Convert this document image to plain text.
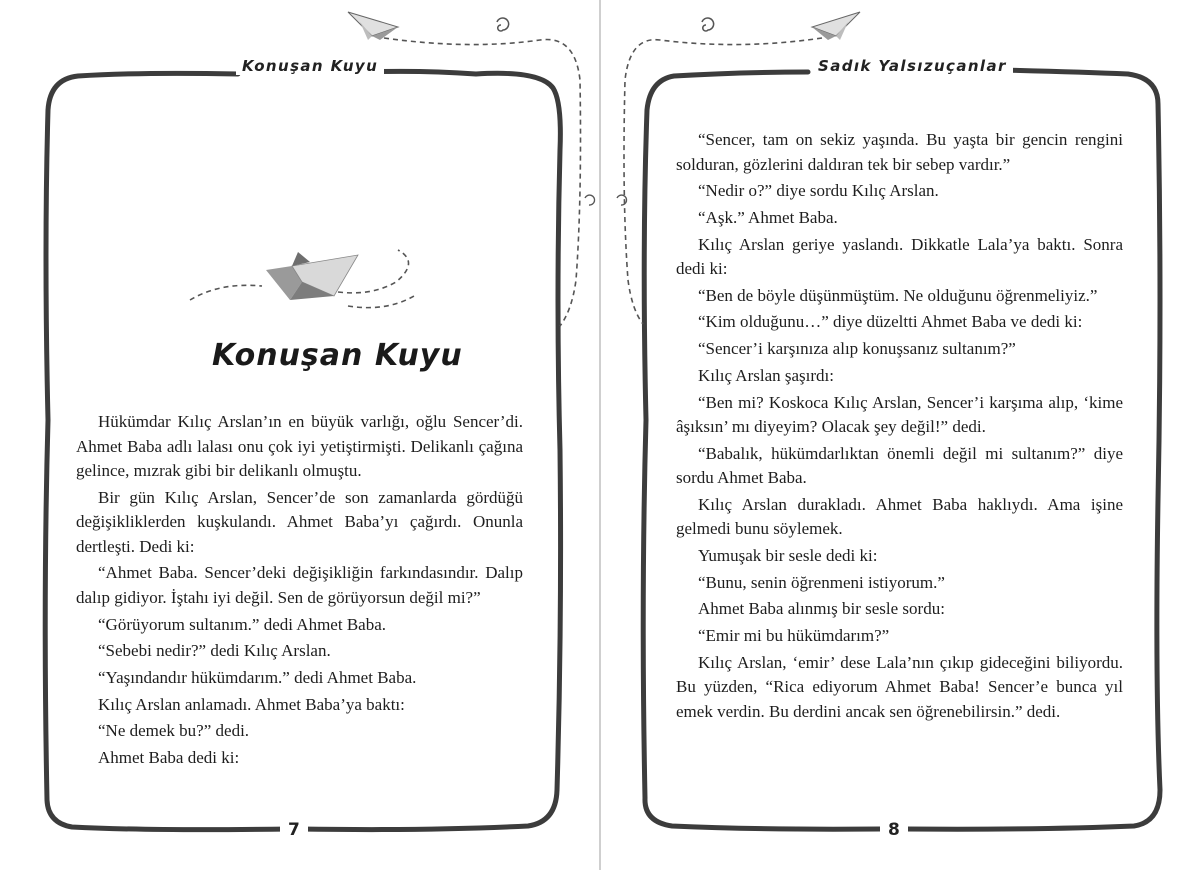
Konuşan Kuyu	Sadık Yalsızuçanlar
Konuşan Kuyu

Hükümdar Kılıç Arslan’ın en büyük varlığı, oğlu Sencer’di. Ahmet Baba adlı lalası onu çok iyi yetiştirmişti. Delikanlı çağına gelince, mızrak gibi bir delikanlı olmuştu.

Bir gün Kılıç Arslan, Sencer’de son zamanlarda gördüğü değişikliklerden kuşkulandı. Ahmet Baba’yı çağırdı. Onunla dertleşti. Dedi ki:

“Ahmet Baba. Sencer’deki değişikliğin farkındasındır. Dalıp dalıp gidiyor. İştahı iyi değil. Sen de görüyorsun değil mi?”

“Görüyorum sultanım.” dedi Ahmet Baba.

“Sebebi nedir?” dedi Kılıç Arslan.

“Yaşındandır hükümdarım.” dedi Ahmet Baba.

Kılıç Arslan anlamadı. Ahmet Baba’ya baktı:

“Ne demek bu?” dedi.

Ahmet Baba dedi ki:

“Sencer, tam on sekiz yaşında. Bu yaşta bir gencin rengini solduran, gözlerini daldıran tek bir sebep vardır.”

“Nedir o?” diye sordu Kılıç Arslan.

“Aşk.” Ahmet Baba.

Kılıç Arslan geriye yaslandı. Dikkatle Lala’ya baktı. Sonra dedi ki:

“Ben de böyle düşünmüştüm. Ne olduğunu öğrenmeliyiz.”

“Kim olduğunu…” diye düzeltti Ahmet Baba ve dedi ki:

“Sencer’i karşınıza alıp konuşsanız sultanım?”

Kılıç Arslan şaşırdı:

“Ben mi? Koskoca Kılıç Arslan, Sencer’i karşıma alıp, ‘kime âşıksın’ mı diyeyim? Olacak şey değil!” dedi.

“Babalık, hükümdarlıktan önemli değil mi sultanım?” diye sordu Ahmet Baba.

Kılıç Arslan durakladı. Ahmet Baba haklıydı. Ama işine gelmedi bunu söylemek.

Yumuşak bir sesle dedi ki:

“Bunu, senin öğrenmeni istiyorum.”

Ahmet Baba alınmış bir sesle sordu:

“Emir mi bu hükümdarım?”

Kılıç Arslan, ‘emir’ dese Lala’nın çıkıp gideceğini biliyordu. Bu yüzden, “Rica ediyorum Ahmet Baba! Sencer’e bunca yıl emek verdin. Bu derdini ancak sen öğrenebilirsin.” dedi.

7	8
